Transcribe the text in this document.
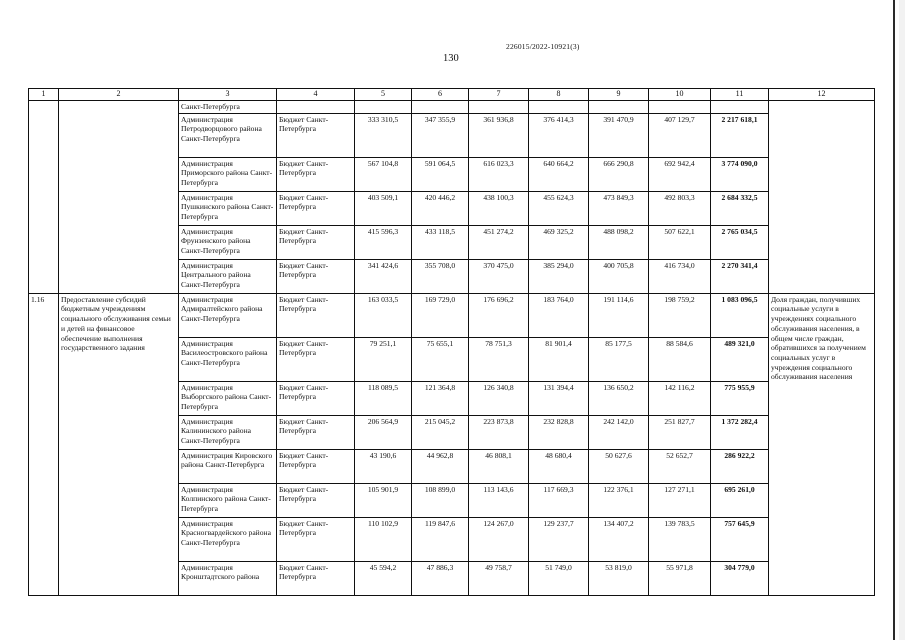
226015/2022-10921(3)
130
1	2	3	4	5	6	7	8	9	10	11	12
		Санкт-Петербурга									
		Администрация Петродворцового района Санкт-Петербурга	Бюджет Санкт-Петербурга	333 310,5	347 355,9	361 936,8	376 414,3	391 470,9	407 129,7	2 217 618,1	
		Администрация Приморского района Санкт-Петербурга	Бюджет Санкт-Петербурга	567 104,8	591 064,5	616 023,3	640 664,2	666 290,8	692 942,4	3 774 090,0	
		Администрация Пушкинского района Санкт-Петербурга	Бюджет Санкт-Петербурга	403 509,1	420 446,2	438 100,3	455 624,3	473 849,3	492 803,3	2 684 332,5	
		Администрация Фрунзенского района Санкт-Петербурга	Бюджет Санкт-Петербурга	415 596,3	433 118,5	451 274,2	469 325,2	488 098,2	507 622,1	2 765 034,5	
		Администрация Центрального района Санкт-Петербурга	Бюджет Санкт-Петербурга	341 424,6	355 708,0	370 475,0	385 294,0	400 705,8	416 734,0	2 270 341,4	
1.16	Предоставление субсидий бюджетным учреждениям социального обслуживания семьи и детей на финансовое обеспечение выполнения государственного задания	Администрация Адмиралтейского района Санкт-Петербурга	Бюджет Санкт-Петербурга	163 033,5	169 729,0	176 696,2	183 764,0	191 114,6	198 759,2	1 083 096,5	Доля граждан, получивших социальные услуги в учреждениях социального обслуживания населения, в общем числе граждан, обратившихся за получением социальных услуг в учреждения социального обслуживания населения
		Администрация Василеостровского района Санкт-Петербурга	Бюджет Санкт-Петербурга	79 251,1	75 655,1	78 751,3	81 901,4	85 177,5	88 584,6	489 321,0	
		Администрация Выборгского района Санкт-Петербурга	Бюджет Санкт-Петербурга	118 089,5	121 364,8	126 340,8	131 394,4	136 650,2	142 116,2	775 955,9	
		Администрация Калининского района Санкт-Петербурга	Бюджет Санкт-Петербурга	206 564,9	215 045,2	223 873,8	232 828,8	242 142,0	251 827,7	1 372 282,4	
		Администрация Кировского района Санкт-Петербурга	Бюджет Санкт-Петербурга	43 190,6	44 962,8	46 808,1	48 680,4	50 627,6	52 652,7	286 922,2	
		Администрация Колпинского района Санкт-Петербурга	Бюджет Санкт-Петербурга	105 901,9	108 899,0	113 143,6	117 669,3	122 376,1	127 271,1	695 261,0	
		Администрация Красногвардейского района Санкт-Петербурга	Бюджет Санкт-Петербурга	110 102,9	119 847,6	124 267,0	129 237,7	134 407,2	139 783,5	757 645,9	
		Администрация Кронштадтского района	Бюджет Санкт-Петербурга	45 594,2	47 886,3	49 758,7	51 749,0	53 819,0	55 971,8	304 779,0	
